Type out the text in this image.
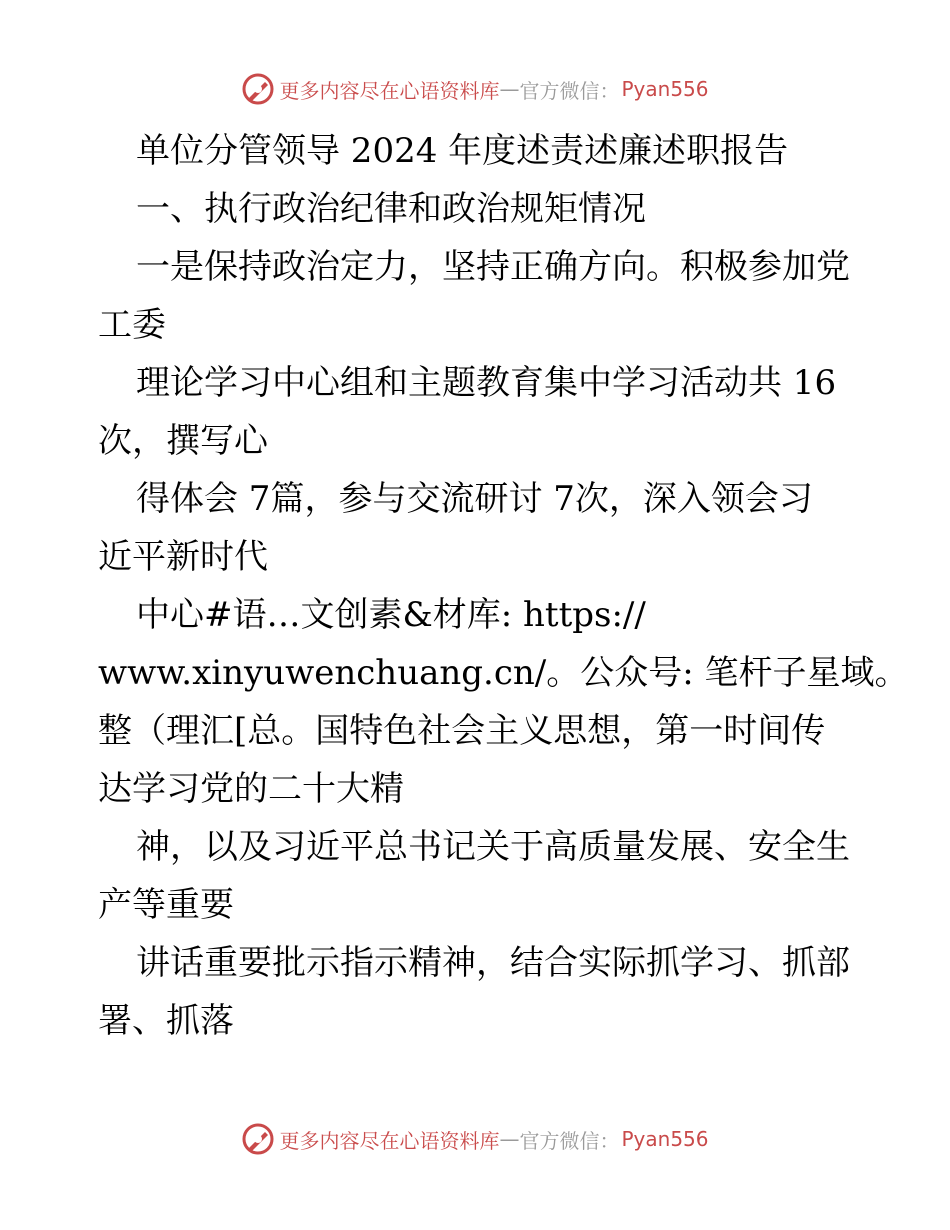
更多内容尽在心语资料库 — 官方微信： Pyan556
单位分管领导 2024 年度述责述廉述职报告
一、执行政治纪律和政治规矩情况
一是保持政治定力，坚持正确方向。积极参加党
工委
理论学习中心组和主题教育集中学习活动共 16
次，撰写心
得体会 7篇，参与交流研讨 7次，深入领会习
近平新时代
中心#语…文创素&材库: https://
www.xinyuwenchuang.cn/。公众号: 笔杆子星域。
整（理汇[总。国特色社会主义思想，第一时间传
达学习党的二十大精
神，以及习近平总书记关于高质量发展、安全生
产等重要
讲话重要批示指示精神，结合实际抓学习、抓部
署、抓落
更多内容尽在心语资料库 — 官方微信： Pyan556
